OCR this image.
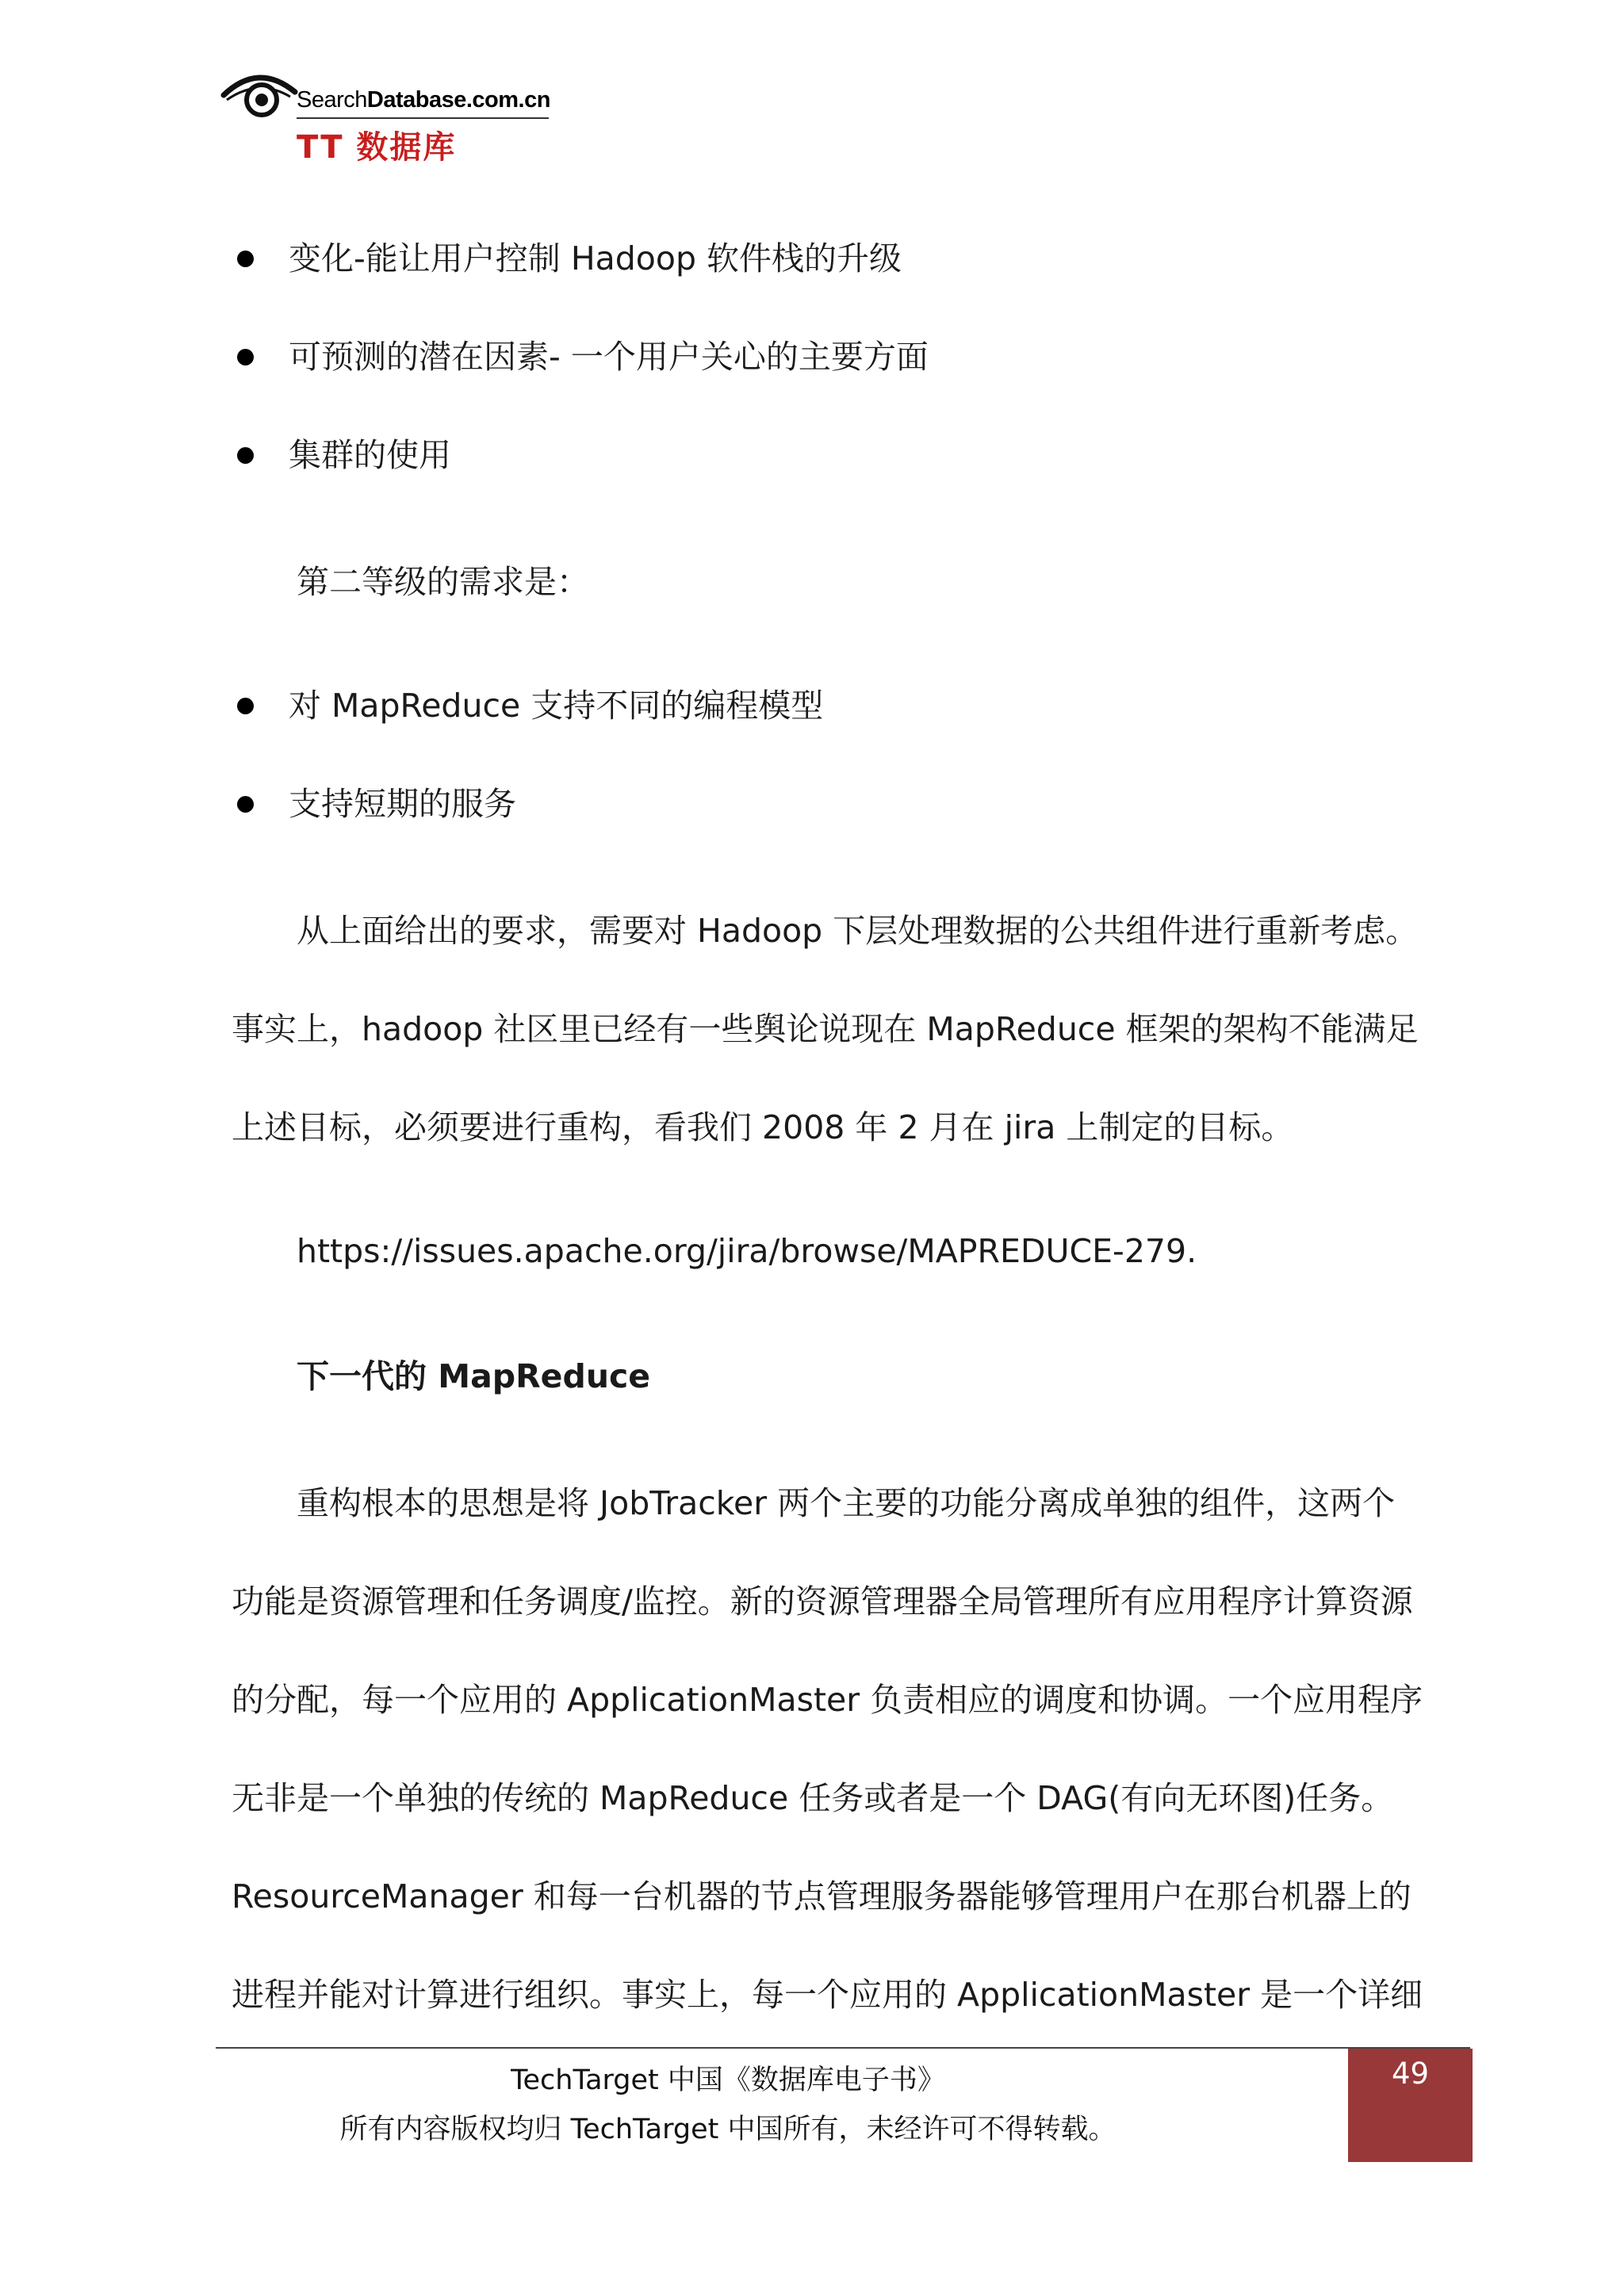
SearchDatabase.com.cn
TT 数据库
变化-能让用户控制 Hadoop 软件栈的升级
可预测的潜在因素- 一个用户关心的主要方面
集群的使用
第二等级的需求是：
对 MapReduce 支持不同的编程模型
支持短期的服务
从上面给出的要求，需要对 Hadoop 下层处理数据的公共组件进行重新考虑。
事实上，hadoop 社区里已经有一些舆论说现在 MapReduce 框架的架构不能满足
上述目标，必须要进行重构，看我们 2008 年 2 月在 jira 上制定的目标。
https://issues.apache.org/jira/browse/MAPREDUCE-279.
下一代的 MapReduce
重构根本的思想是将 JobTracker 两个主要的功能分离成单独的组件，这两个
功能是资源管理和任务调度/监控。新的资源管理器全局管理所有应用程序计算资源
的分配，每一个应用的 ApplicationMaster 负责相应的调度和协调。一个应用程序
无非是一个单独的传统的 MapReduce 任务或者是一个 DAG(有向无环图)任务。
ResourceManager 和每一台机器的节点管理服务器能够管理用户在那台机器上的
进程并能对计算进行组织。事实上，每一个应用的 ApplicationMaster 是一个详细
TechTarget 中国《数据库电子书》
所有内容版权均归 TechTarget 中国所有，未经许可不得转载。
49
